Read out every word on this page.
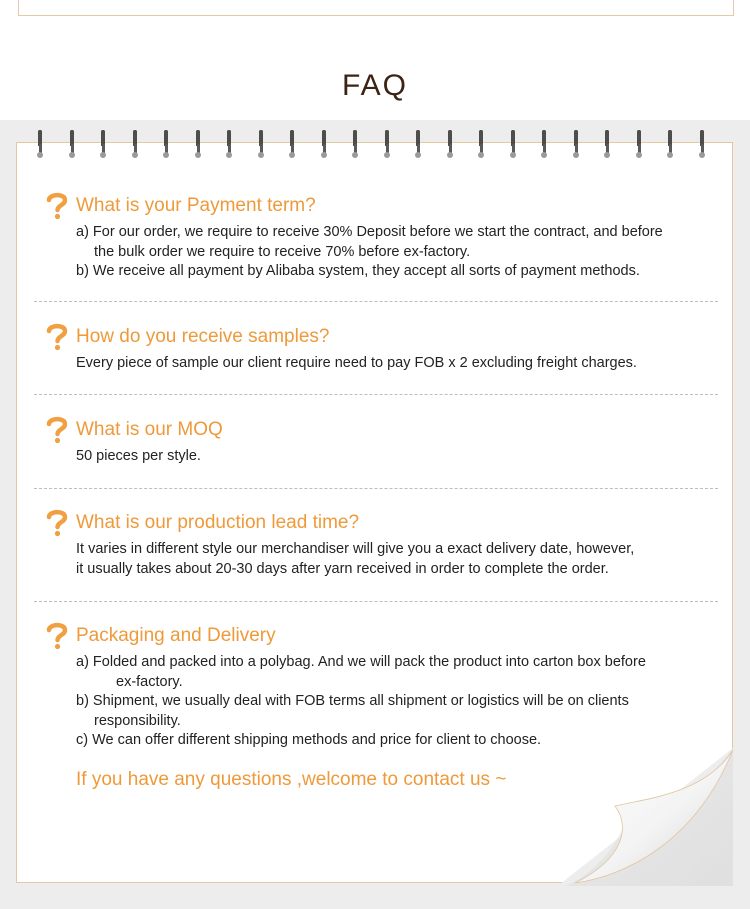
FAQ
What is your Payment term?
a) For our order, we require to receive 30% Deposit before we start the contract, and before
the bulk order we require to receive 70% before ex-factory.
b) We receive all payment by Alibaba system, they accept all sorts of payment methods.
How do you receive samples?
Every piece of sample our client require need to pay FOB x 2 excluding freight charges.
What is our MOQ
50 pieces per style.
What is our production lead time?
It varies in different style our merchandiser will give you a exact delivery date, however,
it usually takes about 20-30 days after yarn received in order to complete the order.
Packaging and Delivery
a) Folded and packed into a polybag. And we will pack the product into carton box before
ex-factory.
b) Shipment, we usually deal with FOB terms all shipment or logistics will be on clients
responsibility.
c) We can offer different shipping methods and price for client to choose.
If you have any questions ,welcome to contact us ~
